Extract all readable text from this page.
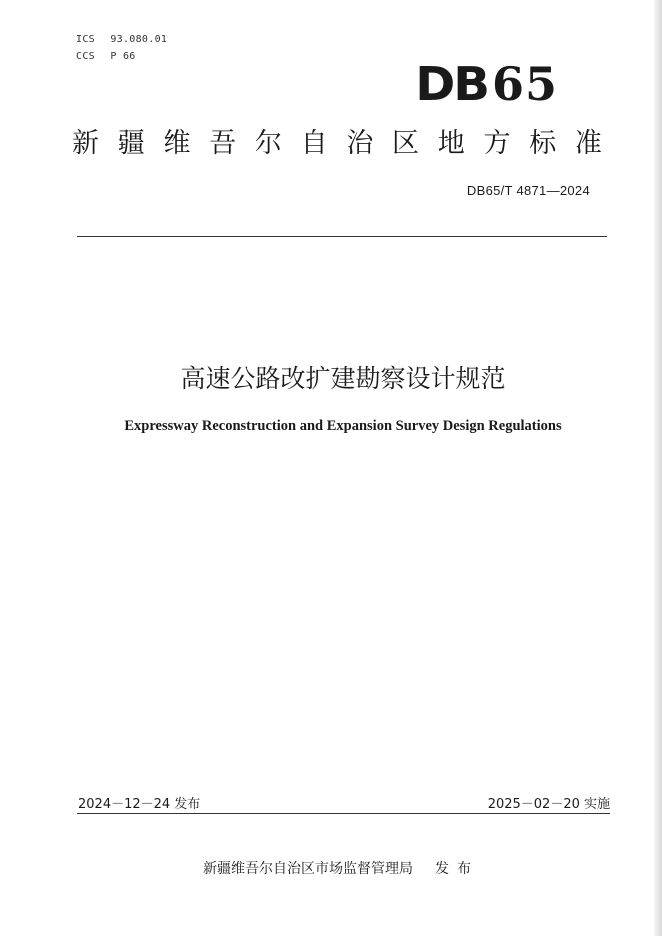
ICS 93.080.01
CCS P 66
DB65
新 疆 维 吾 尔 自 治 区 地 方 标 准
DB65/T 4871—2024
高速公路改扩建勘察设计规范
Expressway Reconstruction and Expansion Survey Design Regulations
2024－12－24 发布	2025－02－20 实施
新疆维吾尔自治区市场监督管理局 发布
